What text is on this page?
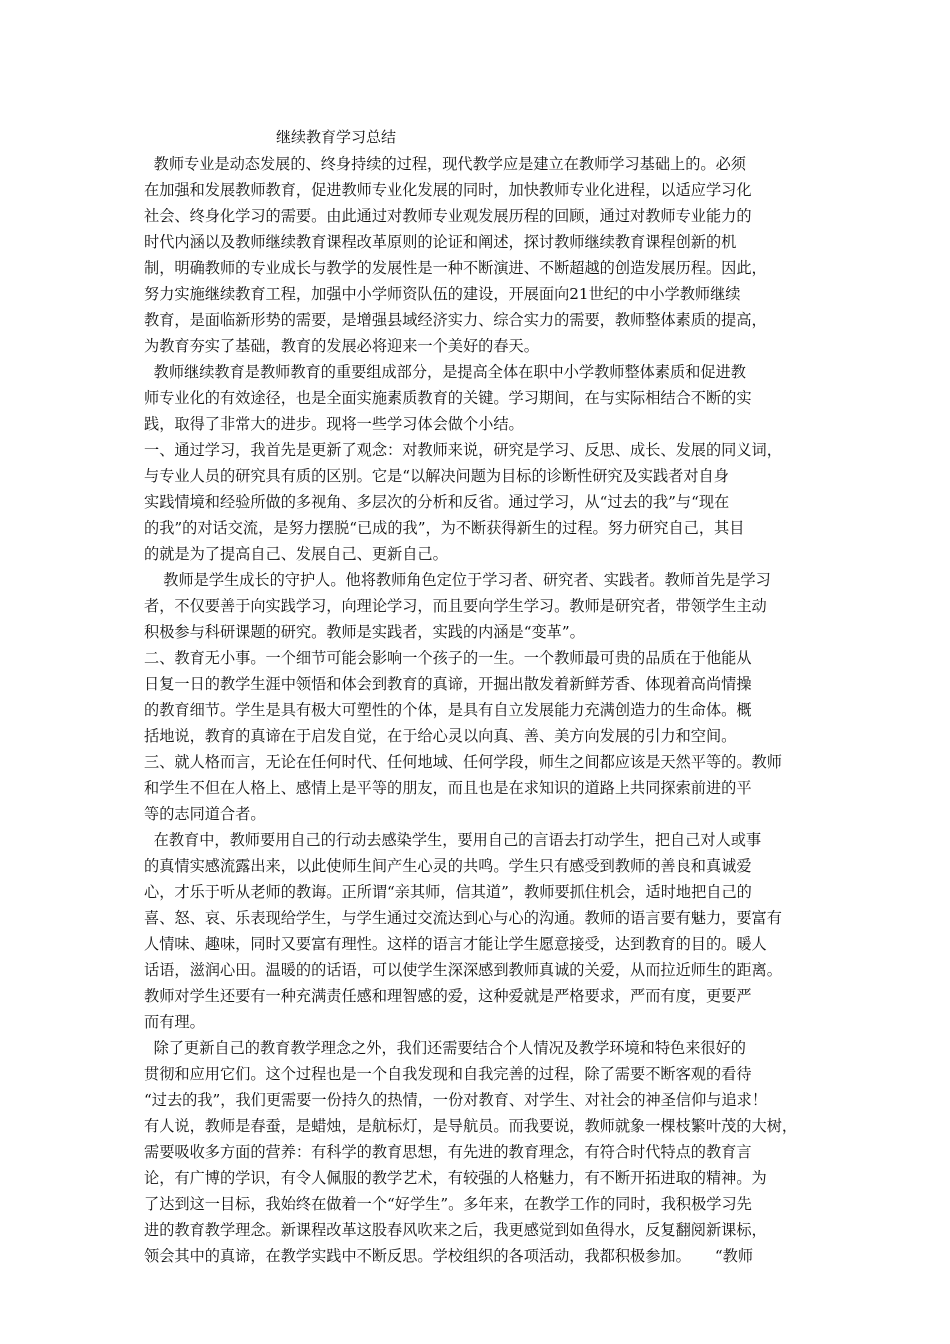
继续教育学习总结
教师专业是动态发展的、终身持续的过程，现代教学应是建立在教师学习基础上的。必须
在加强和发展教师教育，促进教师专业化发展的同时，加快教师专业化进程，以适应学习化
社会、终身化学习的需要。由此通过对教师专业观发展历程的回顾，通过对教师专业能力的
时代内涵以及教师继续教育课程改革原则的论证和阐述，探讨教师继续教育课程创新的机
制，明确教师的专业成长与教学的发展性是一种不断演进、不断超越的创造发展历程。因此，
努力实施继续教育工程，加强中小学师资队伍的建设，开展面向21世纪的中小学教师继续
教育，是面临新形势的需要，是增强县域经济实力、综合实力的需要，教师整体素质的提高，
为教育夯实了基础，教育的发展必将迎来一个美好的春天。
教师继续教育是教师教育的重要组成部分，是提高全体在职中小学教师整体素质和促进教
师专业化的有效途径，也是全面实施素质教育的关键。学习期间，在与实际相结合不断的实
践，取得了非常大的进步。现将一些学习体会做个小结。
一、通过学习，我首先是更新了观念：对教师来说，研究是学习、反思、成长、发展的同义词，
与专业人员的研究具有质的区别。它是“以解决问题为目标的诊断性研究及实践者对自身
实践情境和经验所做的多视角、多层次的分析和反省。通过学习，从“过去的我”与“现在
的我”的对话交流，是努力摆脱“已成的我”，为不断获得新生的过程。努力研究自己，其目
的就是为了提高自己、发展自己、更新自己。
教师是学生成长的守护人。他将教师角色定位于学习者、研究者、实践者。教师首先是学习
者，不仅要善于向实践学习，向理论学习，而且要向学生学习。教师是研究者，带领学生主动
积极参与科研课题的研究。教师是实践者，实践的内涵是“变革”。
二、教育无小事。一个细节可能会影响一个孩子的一生。一个教师最可贵的品质在于他能从
日复一日的教学生涯中领悟和体会到教育的真谛，开掘出散发着新鲜芳香、体现着高尚情操
的教育细节。学生是具有极大可塑性的个体，是具有自立发展能力充满创造力的生命体。概
括地说，教育的真谛在于启发自觉，在于给心灵以向真、善、美方向发展的引力和空间。
三、就人格而言，无论在任何时代、任何地域、任何学段，师生之间都应该是天然平等的。教师
和学生不但在人格上、感情上是平等的朋友，而且也是在求知识的道路上共同探索前进的平
等的志同道合者。
在教育中，教师要用自己的行动去感染学生，要用自己的言语去打动学生，把自己对人或事
的真情实感流露出来，以此使师生间产生心灵的共鸣。学生只有感受到教师的善良和真诚爱
心，才乐于听从老师的教诲。正所谓“亲其师，信其道”，教师要抓住机会，适时地把自己的
喜、怒、哀、乐表现给学生，与学生通过交流达到心与心的沟通。教师的语言要有魅力，要富有
人情味、趣味，同时又要富有理性。这样的语言才能让学生愿意接受，达到教育的目的。暖人
话语，滋润心田。温暖的的话语，可以使学生深深感到教师真诚的关爱，从而拉近师生的距离。
教师对学生还要有一种充满责任感和理智感的爱，这种爱就是严格要求，严而有度，更要严
而有理。
除了更新自己的教育教学理念之外，我们还需要结合个人情况及教学环境和特色来很好的
贯彻和应用它们。这个过程也是一个自我发现和自我完善的过程，除了需要不断客观的看待
“过去的我”，我们更需要一份持久的热情，一份对教育、对学生、对社会的神圣信仰与追求！
有人说，教师是春蚕，是蜡烛，是航标灯，是导航员。而我要说，教师就象一棵枝繁叶茂的大树，
需要吸收多方面的营养：有科学的教育思想，有先进的教育理念，有符合时代特点的教育言
论，有广博的学识，有令人佩服的教学艺术，有较强的人格魅力，有不断开拓进取的精神。为
了达到这一目标，我始终在做着一个“好学生”。多年来，在教学工作的同时，我积极学习先
进的教育教学理念。新课程改革这股春风吹来之后，我更感觉到如鱼得水，反复翻阅新课标，
领会其中的真谛，在教学实践中不断反思。学校组织的各项活动，我都积极参加。     “教师
